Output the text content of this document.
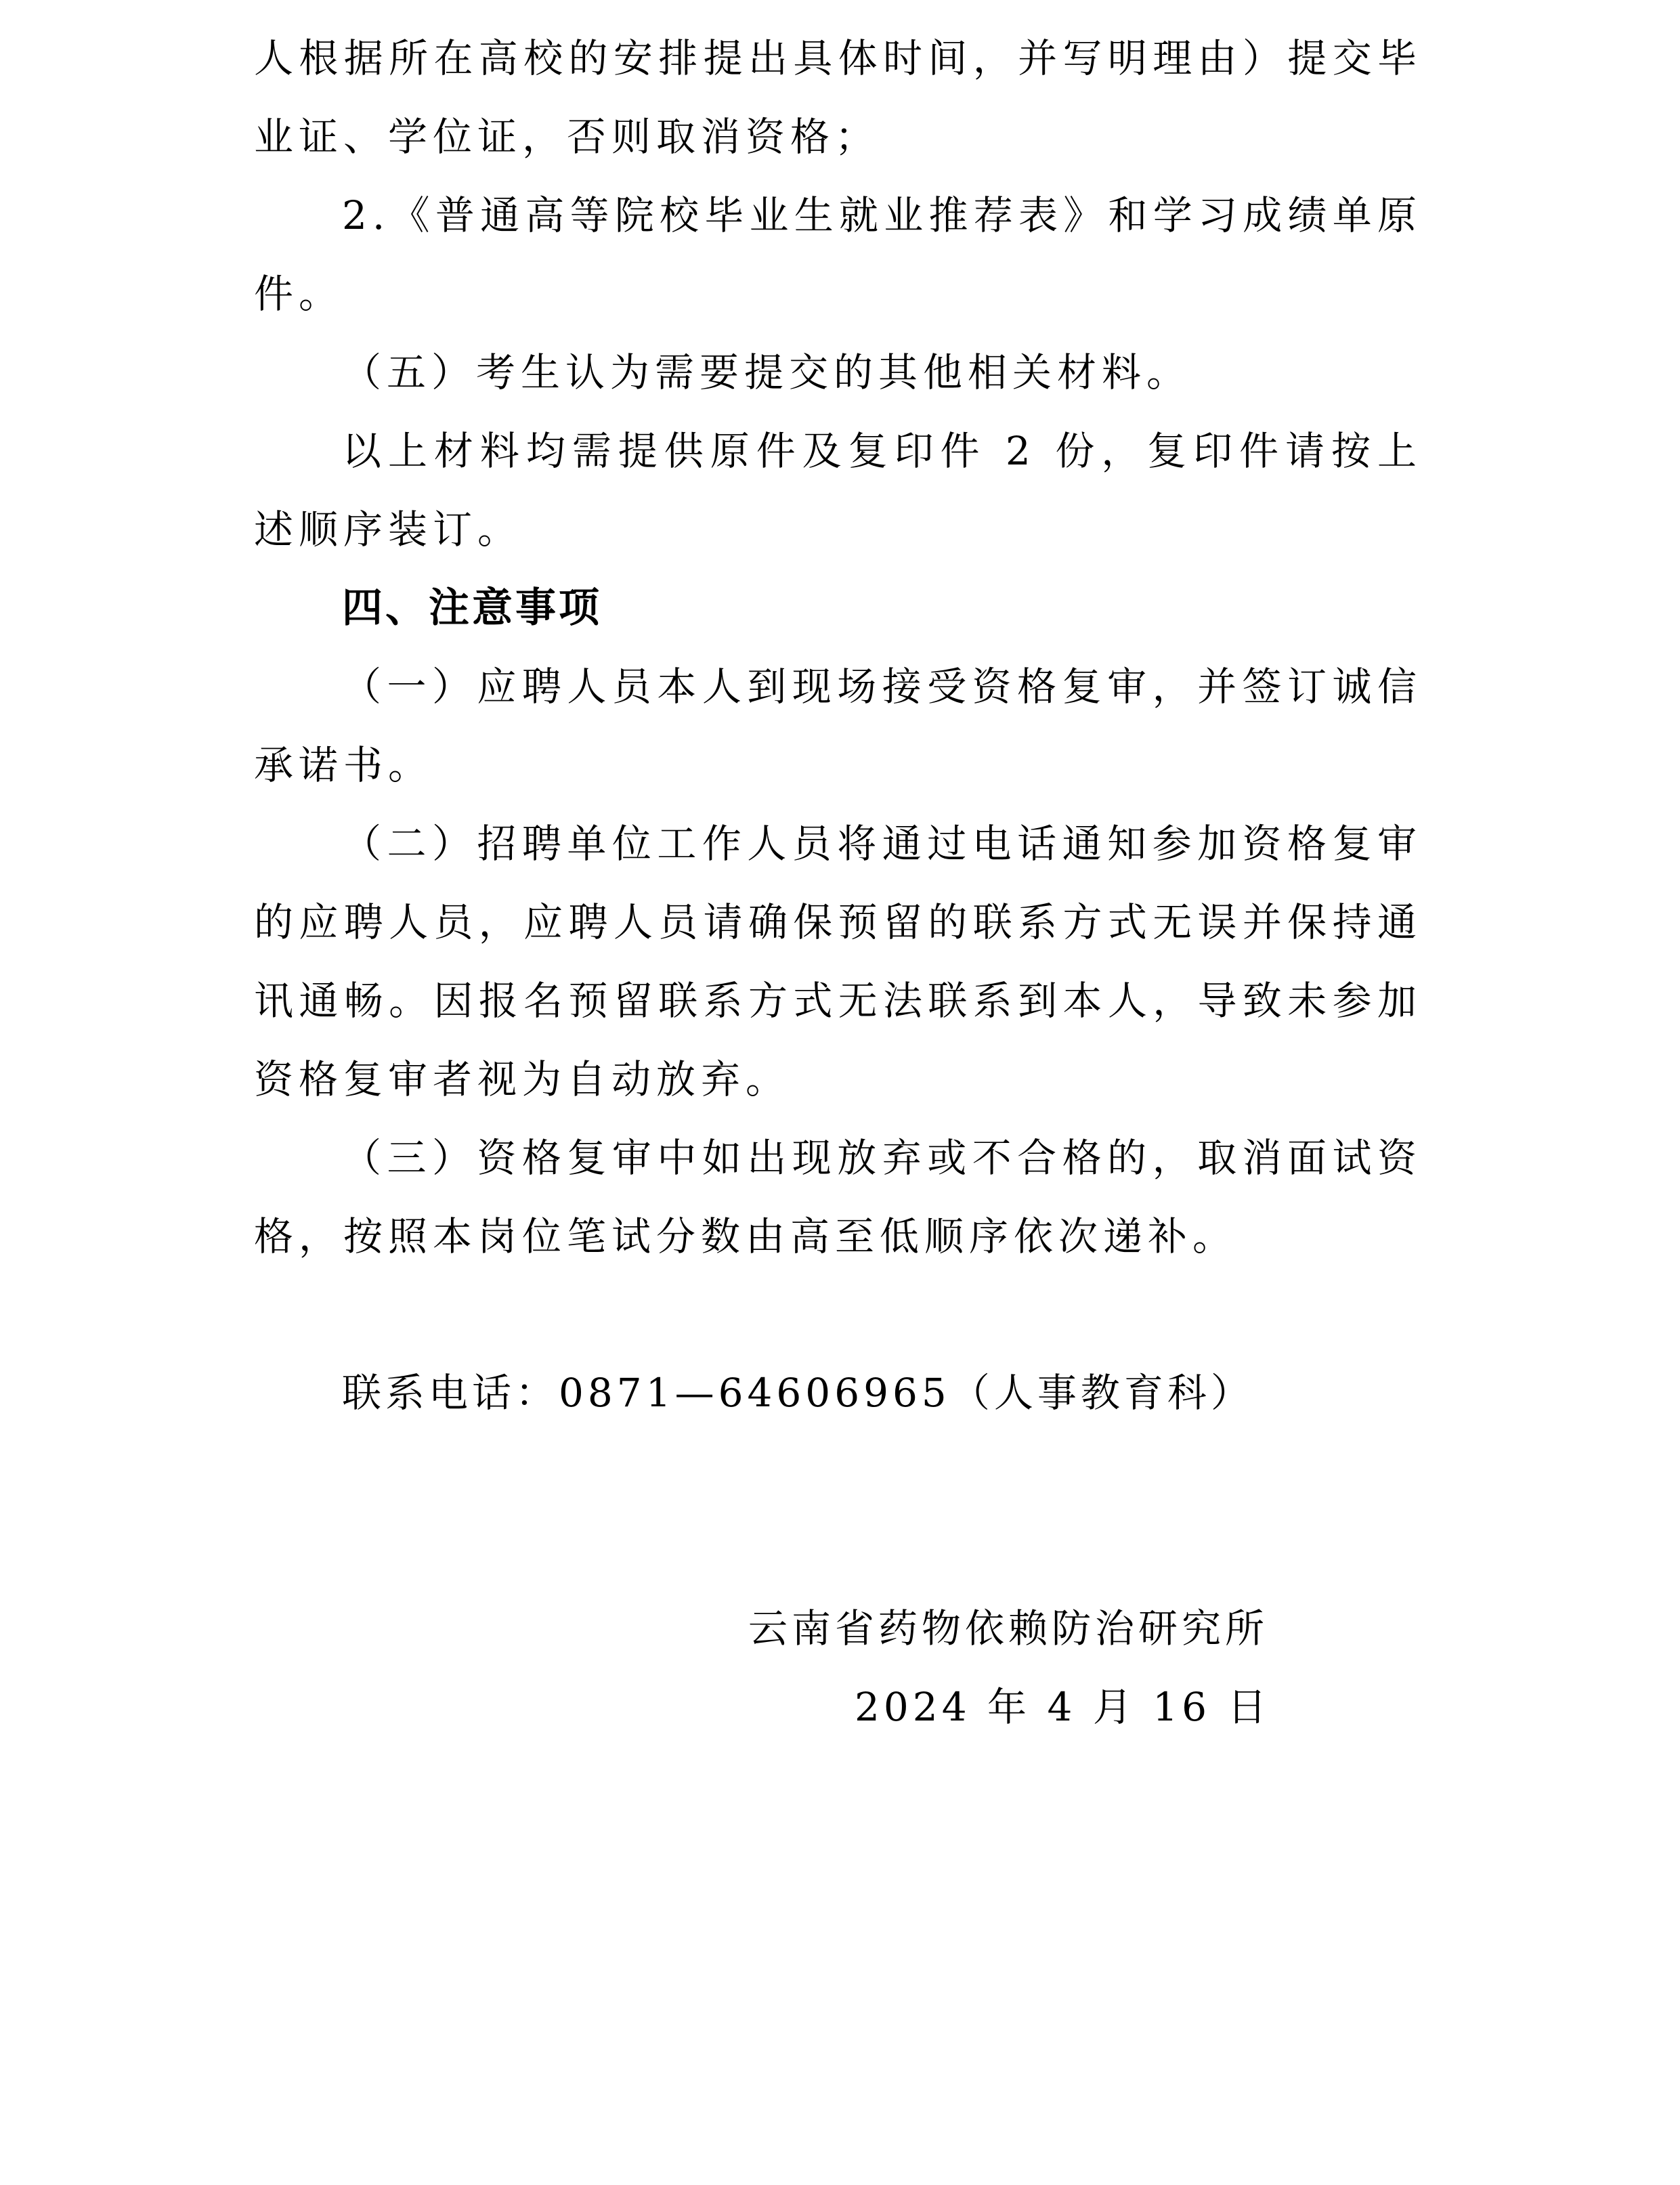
人根据所在高校的安排提出具体时间，并写明理由）提交毕业证、学位证，否则取消资格；

2.《普通高等院校毕业生就业推荐表》和学习成绩单原件。

（五）考生认为需要提交的其他相关材料。

以上材料均需提供原件及复印件 2 份，复印件请按上述顺序装订。

四、注意事项

（一）应聘人员本人到现场接受资格复审，并签订诚信承诺书。

（二）招聘单位工作人员将通过电话通知参加资格复审的应聘人员，应聘人员请确保预留的联系方式无误并保持通讯通畅。因报名预留联系方式无法联系到本人，导致未参加资格复审者视为自动放弃。

（三）资格复审中如出现放弃或不合格的，取消面试资格，按照本岗位笔试分数由高至低顺序依次递补。

联系电话：0871—64606965（人事教育科）
云南省药物依赖防治研究所
2024 年 4 月 16 日
